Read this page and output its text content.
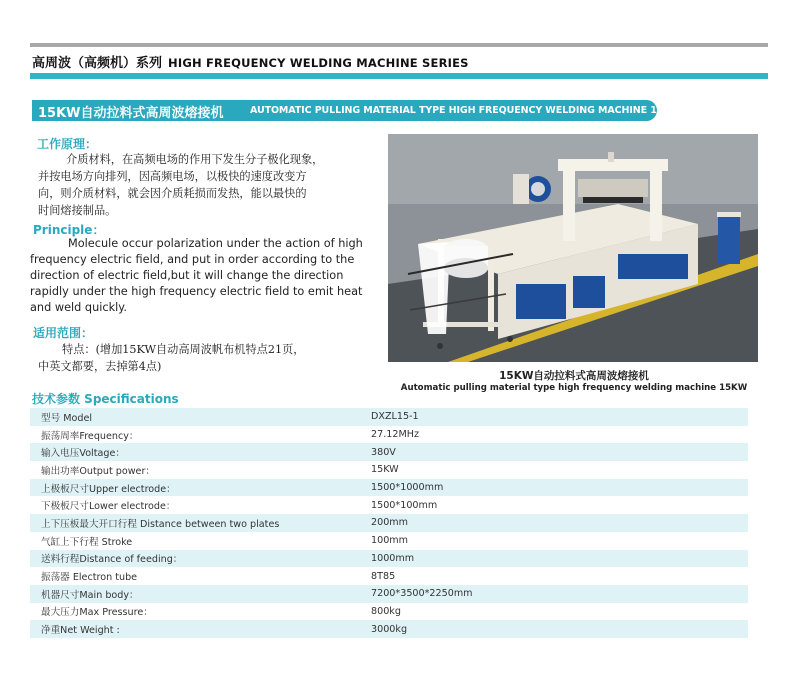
高周波（高频机）系列 HIGH FREQUENCY WELDING MACHINE SERIES
15KW自动拉料式高周波熔接机	AUTOMATIC PULLING MATERIAL TYPE HIGH FREQUENCY WELDING MACHINE 15KW
工作原理：
介质材料，在高频电场的作用下发生分子极化现象，
并按电场方向排列，因高频电场，以极快的速度改变方
向，则介质材料，就会因介质耗损而发热，能以最快的
时间熔接制品。
Principle：
Molecule occur polarization under the action of high
frequency electric field, and put in order according to the
direction of electric field,but it will change the direction
rapidly under the high frequency electric field to emit heat
and weld quickly.
适用范围：
特点：(增加15KW自动高周波帆布机特点21页，
中英文都要，去掉第4点)
15KW自动拉料式高周波熔接机
Automatic pulling material type high frequency welding machine 15KW
技术参数 Specifications
型号 Model	DXZL15-1
振荡周率Frequency：	27.12MHz
输入电压Voltage：	380V
输出功率Output power：	15KW
上极板尺寸Upper electrode：	1500*1000mm
下极板尺寸Lower electrode：	1500*100mm
上下压板最大开口行程 Distance between two plates	200mm
气缸上下行程 Stroke	100mm
送料行程Distance of feeding：	1000mm
振荡器 Electron tube	8T85
机器尺寸Main body：	7200*3500*2250mm
最大压力Max Pressure：	800kg
净重Net Weight :	3000kg
